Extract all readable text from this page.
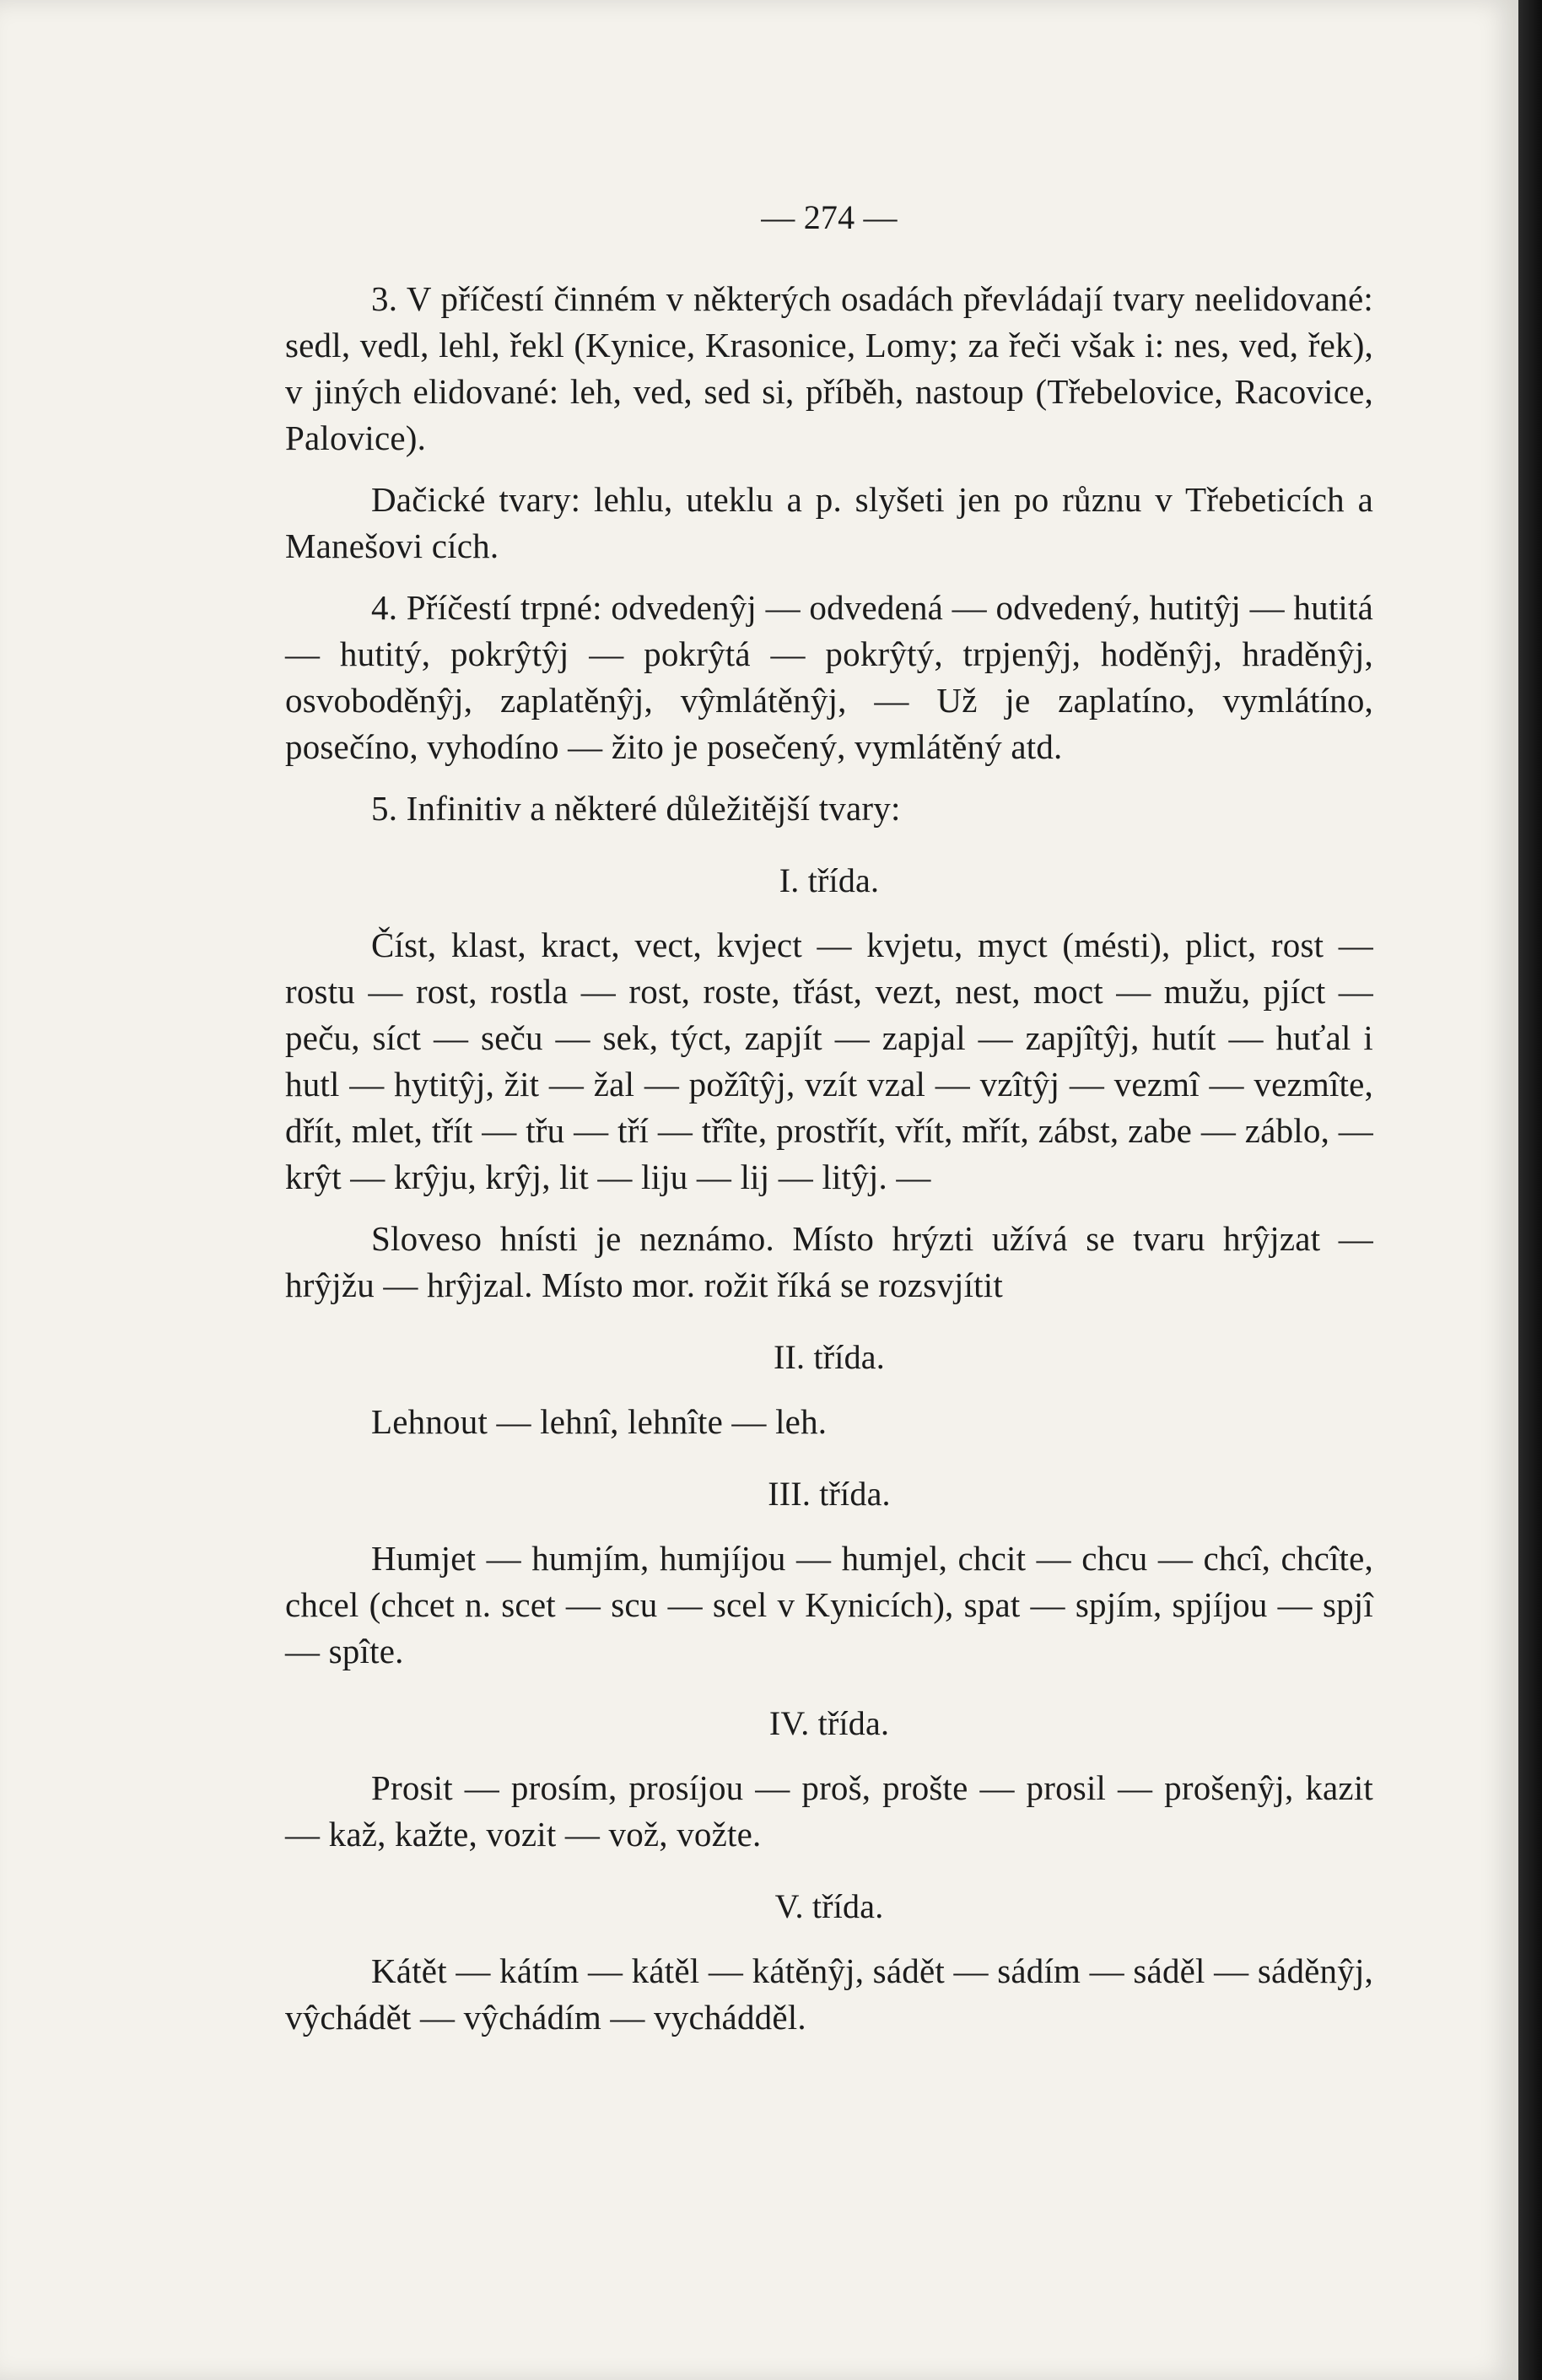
— 274 —

3. V příčestí činném v některých osadách převládají tvary neelidované: sedl, vedl, lehl, řekl (Kynice, Krasonice, Lomy; za řeči však i: nes, ved, řek), v jiných elidované: leh, ved, sed si, příběh, nastoup (Třebelovice, Racovice, Palovice).

Dačické tvary: lehlu, uteklu a p. slyšeti jen po různu v Třebeticích a Manešovi cích.

4. Příčestí trpné: odvedenŷj — odvedená — odvedený, hutitŷj — hutitá — hutitý, pokrŷtŷj — pokrŷtá — pokrŷtý, trpjenŷj, hoděnŷj, hraděnŷj, osvoboděnŷj, zaplatěnŷj, vŷmlátěnŷj, — Už je zaplatíno, vymlátíno, posečíno, vyhodíno — žito je posečený, vymlátěný atd.

5. Infinitiv a některé důležitější tvary:

I. třída.

Číst, klast, kract, vect, kvject — kvjetu, myct (mésti), plict, rost — rostu — rost, rostla — rost, roste, třást, vezt, nest, moct — mužu, pjíct — peču, síct — seču — sek, týct, zapjít — zapjal — zapjîtŷj, hutít — huťal i hutl — hytitŷj, žit — žal — požîtŷj, vzít vzal — vzîtŷj — vezmî — vezmîte, dřít, mlet, třít — třu — tří — třîte, prostřít, vřít, mřít, zábst, zabe — záblo, — krŷt — krŷju, krŷj, lit — liju — lij — litŷj. —

Sloveso hnísti je neznámo. Místo hrýzti užívá se tvaru hrŷjzat — hrŷjžu — hrŷjzal. Místo mor. rožit říká se rozsvjítit

II. třída.

Lehnout — lehnî, lehnîte — leh.

III. třída.

Humjet — humjím, humjíjou — humjel, chcit — chcu — chcî, chcîte, chcel (chcet n. scet — scu — scel v Kynicích), spat — spjím, spjíjou — spjî — spîte.

IV. třída.

Prosit — prosím, prosíjou — proš, prošte — prosil — prošenŷj, kazit — kaž, kažte, vozit — vož, vožte.

V. třída.

Kátět — kátím — kátěl — kátěnŷj, sádět — sádím — sáděl — sáděnŷj, vŷchádět — vŷchádím — vychádděl.
